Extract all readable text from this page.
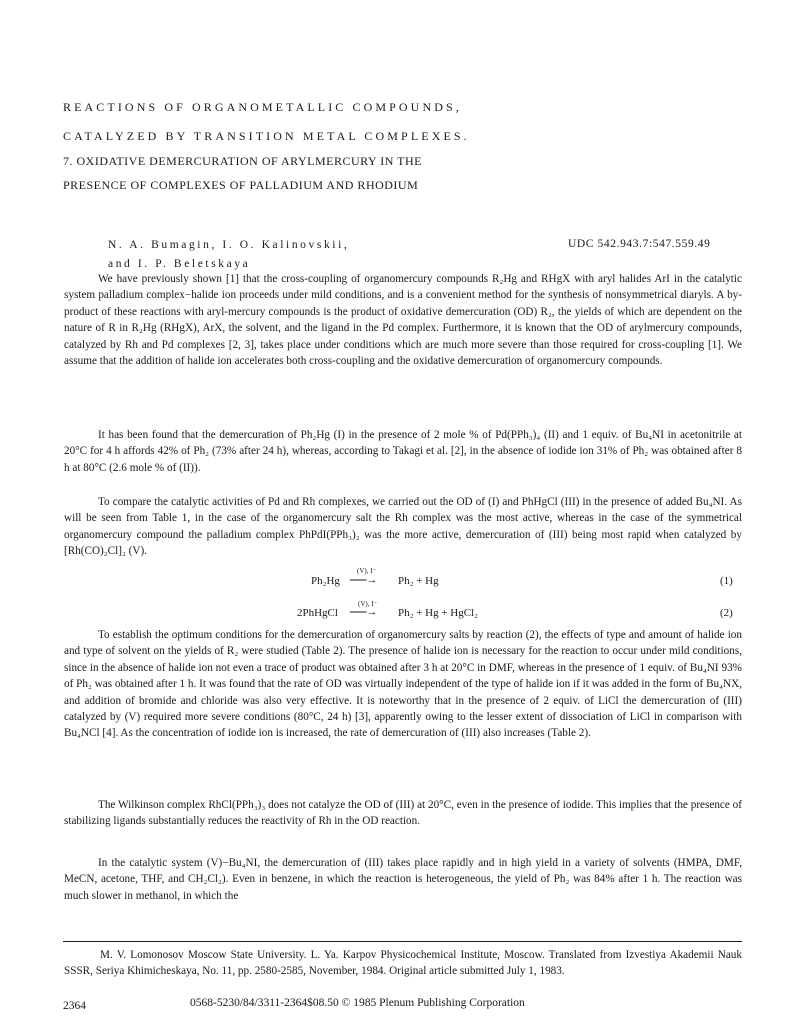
REACTIONS OF ORGANOMETALLIC COMPOUNDS,
CATALYZED BY TRANSITION METAL COMPLEXES.
7. OXIDATIVE DEMERCURATION OF ARYLMERCURY IN THE
PRESENCE OF COMPLEXES OF PALLADIUM AND RHODIUM
N. A. Bumagin, I. O. Kalinovskii,
and I. P. Beletskaya
UDC 542.943.7:547.559.49

We have previously shown [1] that the cross-coupling of organomercury compounds R₂Hg and RHgX with aryl halides ArI in the catalytic system palladium complex−halide ion proceeds under mild conditions, and is a convenient method for the synthesis of nonsymmetrical diaryls. A by-product of these reactions with aryl-mercury compounds is the product of oxidative demercuration (OD) R₂, the yields of which are dependent on the nature of R in R₂Hg (RHgX), ArX, the solvent, and the ligand in the Pd complex. Furthermore, it is known that the OD of arylmercury compounds, catalyzed by Rh and Pd complexes [2, 3], takes place under conditions which are much more severe than those required for cross-coupling [1]. We assume that the addition of halide ion accelerates both cross-coupling and the oxidative demercuration of organomercury compounds.

It has been found that the demercuration of Ph₂Hg (I) in the presence of 2 mole % of Pd(PPh₃)₄ (II) and 1 equiv. of Bu₄NI in acetonitrile at 20°C for 4 h affords 42% of Ph₂ (73% after 24 h), whereas, according to Takagi et al. [2], in the absence of iodide ion 31% of Ph₂ was obtained after 8 h at 80°C (2.6 mole % of (II)).

To compare the catalytic activities of Pd and Rh complexes, we carried out the OD of (I) and PhHgCl (III) in the presence of added Bu₄NI. As will be seen from Table 1, in the case of the organomercury salt the Rh complex was the most active, whereas in the case of the symmetrical organomercury compound the palladium complex PhPdI(PPh₃)₂ was the more active, demercuration of (III) being most rapid when catalyzed by [Rh(CO)₂Cl]₂ (V).

Ph₂Hg
(V), I⁻
⎯⎯⎯→ Ph₂ + Hg	(1)
2PhHgCl
(V), I⁻
⎯⎯⎯→ Ph₂ + Hg + HgCl₂	(2)

To establish the optimum conditions for the demercuration of organomercury salts by reaction (2), the effects of type and amount of halide ion and type of solvent on the yields of R₂ were studied (Table 2). The presence of halide ion is necessary for the reaction to occur under mild conditions, since in the absence of halide ion not even a trace of product was obtained after 3 h at 20°C in DMF, whereas in the presence of 1 equiv. of Bu₄NI 93% of Ph₂ was obtained after 1 h. It was found that the rate of OD was virtually independent of the type of halide ion if it was added in the form of Bu₄NX, and addition of bromide and chloride was also very effective. It is noteworthy that in the presence of 2 equiv. of LiCl the demercuration of (III) catalyzed by (V) required more severe conditions (80°C, 24 h) [3], apparently owing to the lesser extent of dissociation of LiCl in comparison with Bu₄NCl [4]. As the concentration of iodide ion is increased, the rate of demercuration of (III) also increases (Table 2).

The Wilkinson complex RhCl(PPh₃)₃ does not catalyze the OD of (III) at 20°C, even in the presence of iodide. This implies that the presence of stabilizing ligands substantially reduces the reactivity of Rh in the OD reaction.

In the catalytic system (V)−Bu₄NI, the demercuration of (III) takes place rapidly and in high yield in a variety of solvents (HMPA, DMF, MeCN, acetone, THF, and CH₂Cl₂). Even in benzene, in which the reaction is heterogeneous, the yield of Ph₂ was 84% after 1 h. The reaction was much slower in methanol, in which the

M. V. Lomonosov Moscow State University. L. Ya. Karpov Physicochemical Institute, Moscow. Translated from Izvestiya Akademii Nauk SSSR, Seriya Khimicheskaya, No. 11, pp. 2580-2585, November, 1984. Original article submitted July 1, 1983.

2364	0568-5230/84/3311-2364$08.50 © 1985 Plenum Publishing Corporation
